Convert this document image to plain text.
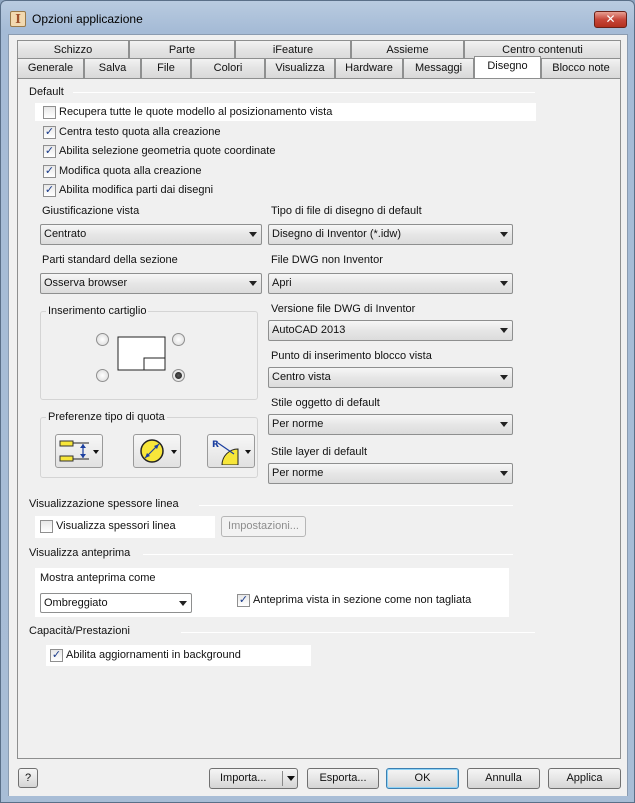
I Opzioni applicazione	✕
Schizzo	Parte	iFeature	Assieme	Centro contenuti
Generale	Salva	File	Colori	Visualizza	Hardware	Messaggi	Disegno	Blocco note
Default
Recupera tutte le quote modello al posizionamento vista
✓ Centra testo quota alla creazione
✓ Abilita selezione geometria quote coordinate
✓ Modifica quota alla creazione
✓ Abilita modifica parti dai disegni
Giustificazione vista
Centrato
Parti standard della sezione
Osserva browser
Inserimento cartiglio
Preferenze tipo di quota
R
Tipo di file di disegno di default
Disegno di Inventor (*.idw)
File DWG non Inventor
Apri
Versione file DWG di Inventor
AutoCAD 2013
Punto di inserimento blocco vista
Centro vista
Stile oggetto di default
Per norme
Stile layer di default
Per norme
Visualizzazione spessore linea
Visualizza spessori linea	Impostazioni...
Visualizza anteprima
Mostra anteprima come
Ombreggiato	✓ Anteprima vista in sezione come non tagliata
Capacità/Prestazioni
✓ Abilita aggiornamenti in background
?	Importa...	Esporta...	OK	Annulla	Applica
